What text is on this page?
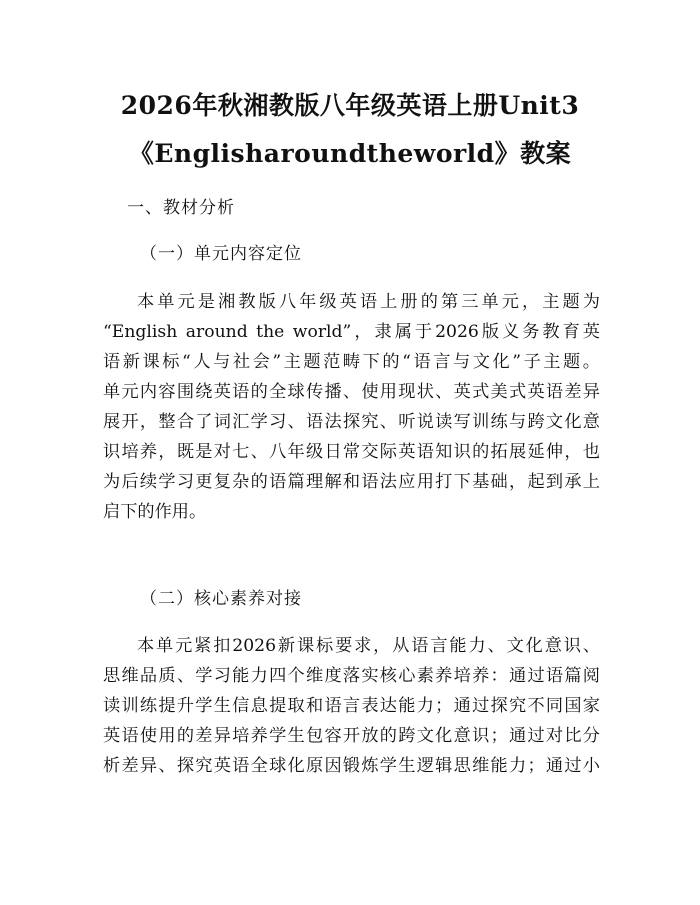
2026年秋湘教版八年级英语上册Unit3
《Englisharoundtheworld》教案
一、教材分析
（一）单元内容定位
本单元是湘教版八年级英语上册的第三单元，主题为
“English around the world”，隶属于2026版义务教育英
语新课标“人与社会”主题范畴下的“语言与文化”子主题。
单元内容围绕英语的全球传播、使用现状、英式美式英语差异
展开，整合了词汇学习、语法探究、听说读写训练与跨文化意
识培养，既是对七、八年级日常交际英语知识的拓展延伸，也
为后续学习更复杂的语篇理解和语法应用打下基础，起到承上
启下的作用。
（二）核心素养对接
本单元紧扣2026新课标要求，从语言能力、文化意识、
思维品质、学习能力四个维度落实核心素养培养：通过语篇阅
读训练提升学生信息提取和语言表达能力；通过探究不同国家
英语使用的差异培养学生包容开放的跨文化意识；通过对比分
析差异、探究英语全球化原因锻炼学生逻辑思维能力；通过小
